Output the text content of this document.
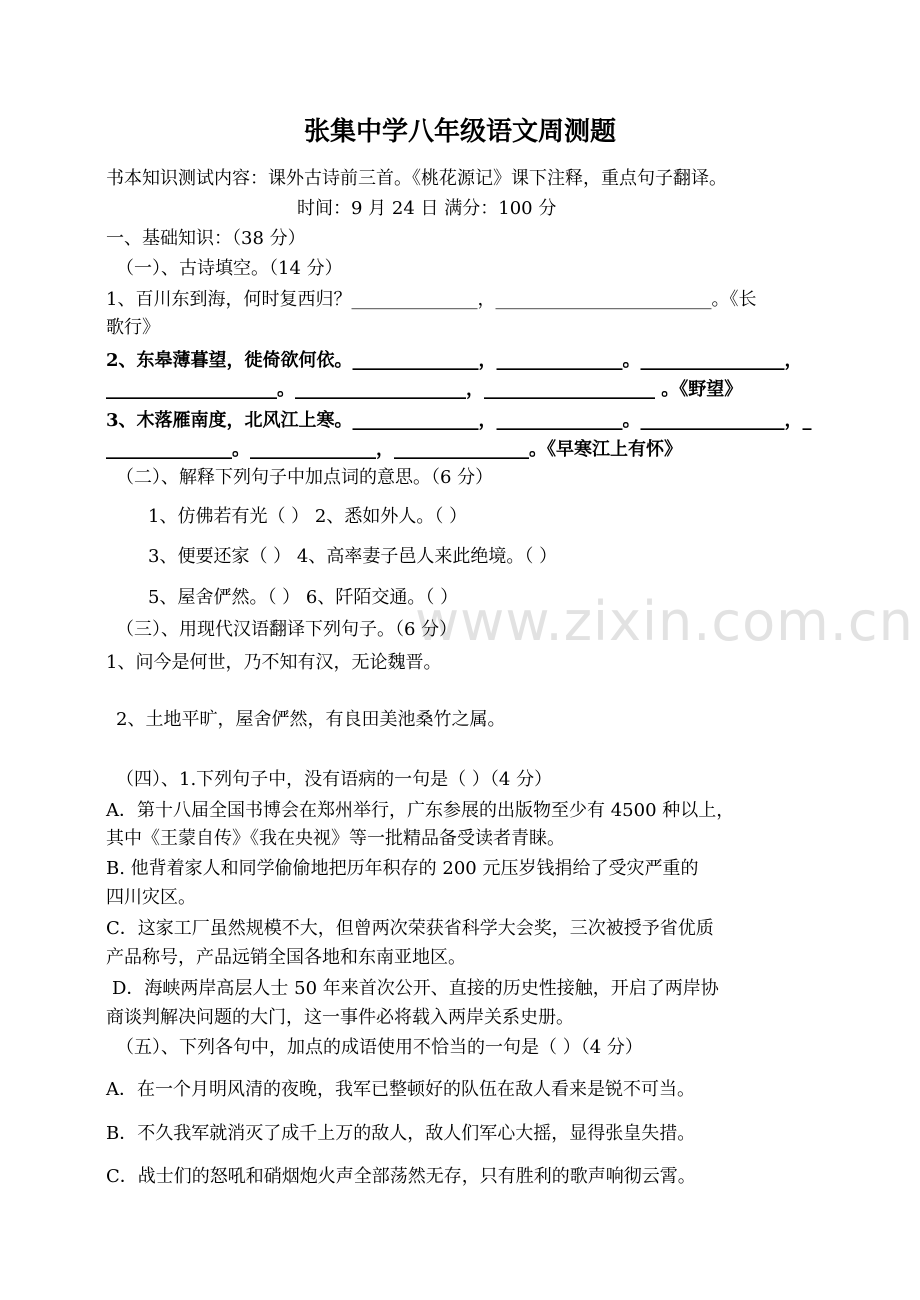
www.zixin.com.cn
张集中学八年级语文周测题
书本知识测试内容：课外古诗前三首。《桃花源记》课下注释，重点句子翻译。
时间：9 月 24 日 满分：100 分
一、基础知识：（38 分）
（一）、古诗填空。（14 分）
1、百川东到海，何时复西归？______________，________________________。《长
歌行》
2、东皋薄暮望，徙倚欲何依。______________，______________。________________，
___________________。___________________，___________________ 。《野望》
3、木落雁南度，北风江上寒。______________，______________。________________，_
______________。______________，_______________。《早寒江上有怀》
（二）、解释下列句子中加点词的意思。（6 分）
1、仿佛若有光（ ） 2、悉如外人。（ ）
3、便要还家（ ） 4、高率妻子邑人来此绝境。（ ）
5、屋舍俨然。（ ） 6、阡陌交通。（ ）
（三）、用现代汉语翻译下列句子。（6 分）
1、问今是何世，乃不知有汉，无论魏晋。
2、土地平旷，屋舍俨然，有良田美池桑竹之属。
（四）、1.下列句子中，没有语病的一句是（ ）（4 分）
A．第十八届全国书博会在郑州举行，广东参展的出版物至少有 4500 种以上，
其中《王蒙自传》《我在央视》等一批精品备受读者青睐。
B. 他背着家人和同学偷偷地把历年积存的 200 元压岁钱捐给了受灾严重的
四川灾区。
C．这家工厂虽然规模不大，但曾两次荣获省科学大会奖，三次被授予省优质
产品称号，产品远销全国各地和东南亚地区。
D．海峡两岸高层人士 50 年来首次公开、直接的历史性接触，开启了两岸协
商谈判解决问题的大门，这一事件必将载入两岸关系史册。
（五）、下列各句中，加点的成语使用不恰当的一句是（ ）（4 分）
A．在一个月明风清的夜晚，我军已整顿好的队伍在敌人看来是锐不可当。
B．不久我军就消灭了成千上万的敌人，敌人们军心大摇，显得张皇失措。
C．战士们的怒吼和硝烟炮火声全部荡然无存，只有胜利的歌声响彻云霄。
